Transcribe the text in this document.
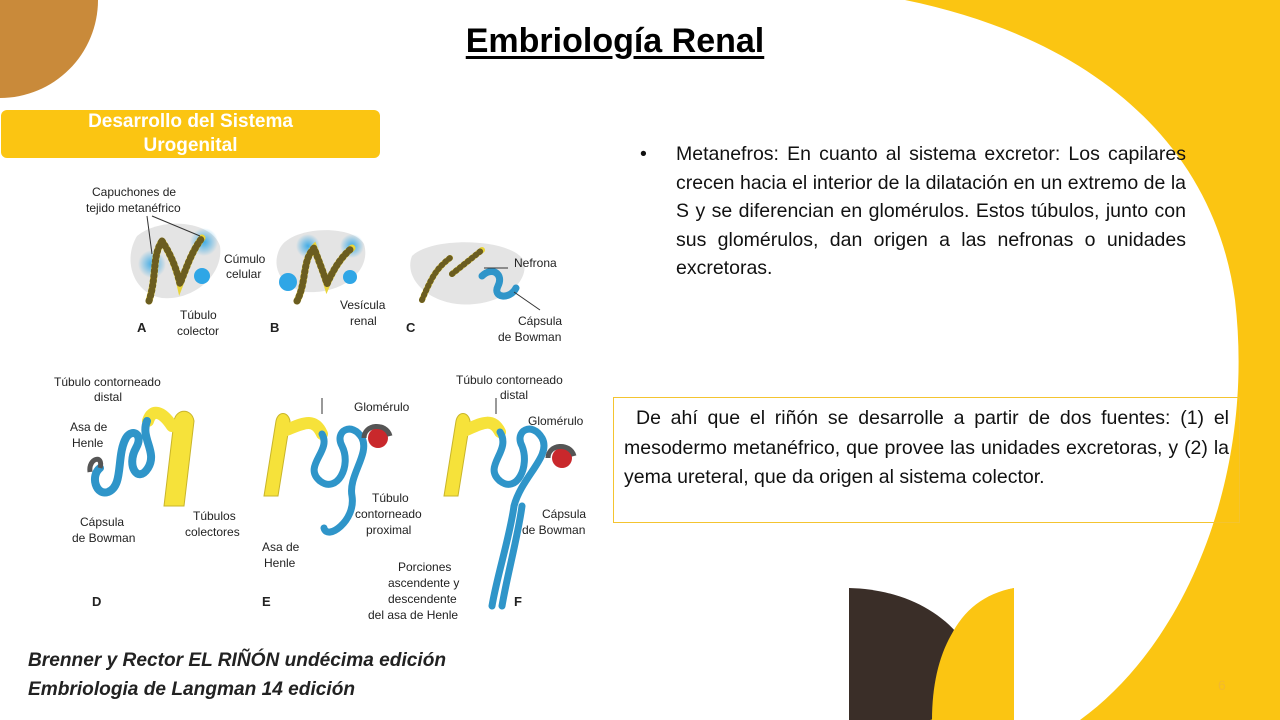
Embriología Renal
Desarrollo del Sistema Urogenital	• Metanefros: En cuanto al sistema excretor: Los capilares crecen hacia el interior de la dilatación en un extremo de la S y se diferencian en glomérulos. Estos túbulos, junto con sus glomérulos, dan origen a las nefronas o unidades excretoras.

De ahí que el riñón se desarrolle a partir de dos fuentes: (1) el mesodermo metanéfrico, que provee las unidades excretoras, y (2) la yema ureteral, que da origen al sistema colector.
Brenner y Rector EL RIÑÓN undécima edición
Embriologia de Langman 14 edición	6
Capuchones de
tejido metanéfrico
Túbulo
colector
A
Cúmulo
celular
Vesícula
renal
B
Nefrona
Cápsula
de Bowman
C
Túbulo contorneado
distal
Asa de
Henle
Cápsula
de Bowman
Túbulos
colectores
D
Glomérulo
Túbulo
contorneado
proximal
Asa de
Henle
E
Túbulo contorneado
distal
Glomérulo
Cápsula
de Bowman
Porciones
ascendente y
descendente
del asa de Henle
F
